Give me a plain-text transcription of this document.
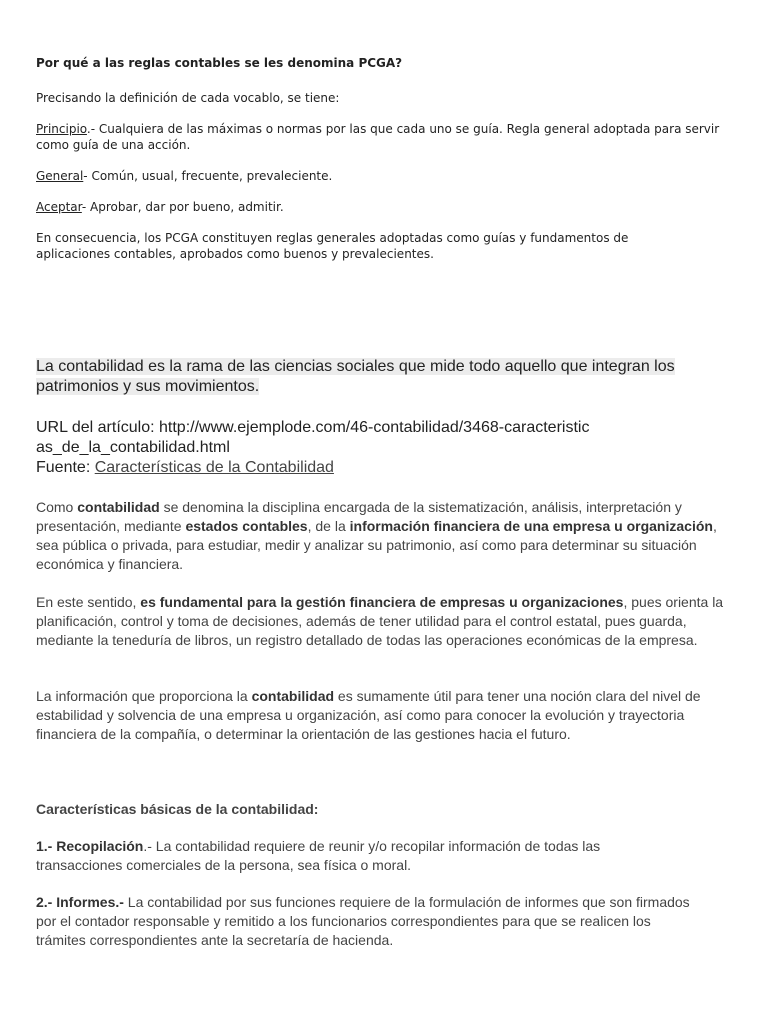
Por qué a las reglas contables se les denomina PCGA?

Precisando la definición de cada vocablo, se tiene:

Principio.- Cualquiera de las máximas o normas por las que cada uno se guía. Regla general adoptada para servir como guía de una acción.

General- Común, usual, frecuente, prevaleciente.

Aceptar- Aprobar, dar por bueno, admitir.

En consecuencia, los PCGA constituyen reglas generales adoptadas como guías y fundamentos de aplicaciones contables, aprobados como buenos y prevalecientes.

La contabilidad es la rama de las ciencias sociales que mide todo aquello que integran los patrimonios y sus movimientos.

URL del artículo: http://www.ejemplode.com/46-contabilidad/3468-caracteristicas_de_la_contabilidad.html

Fuente: Características de la Contabilidad

Como contabilidad se denomina la disciplina encargada de la sistematización, análisis, interpretación y presentación, mediante estados contables, de la información financiera de una empresa u organización, sea pública o privada, para estudiar, medir y analizar su patrimonio, así como para determinar su situación económica y financiera.

En este sentido, es fundamental para la gestión financiera de empresas u organizaciones, pues orienta la planificación, control y toma de decisiones, además de tener utilidad para el control estatal, pues guarda, mediante la teneduría de libros, un registro detallado de todas las operaciones económicas de la empresa.

La información que proporciona la contabilidad es sumamente útil para tener una noción clara del nivel de estabilidad y solvencia de una empresa u organización, así como para conocer la evolución y trayectoria financiera de la compañía, o determinar la orientación de las gestiones hacia el futuro.

Características básicas de la contabilidad:

1.- Recopilación.- La contabilidad requiere de reunir y/o recopilar información de todas las transacciones comerciales de la persona, sea física o moral.

2.- Informes.- La contabilidad por sus funciones requiere de la formulación de informes que son firmados por el contador responsable y remitido a los funcionarios correspondientes para que se realicen los trámites correspondientes ante la secretaría de hacienda.
